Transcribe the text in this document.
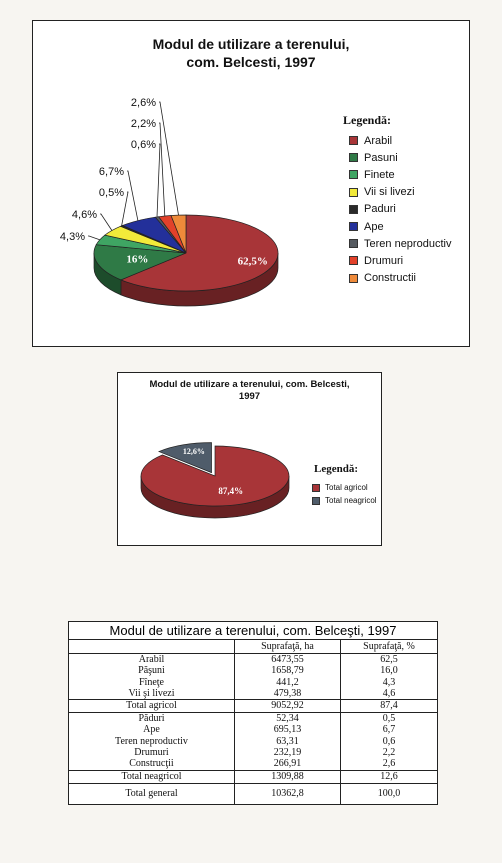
Modul de utilizare a terenului,
com. Belcesti, 1997
62,5%
16%
2,6%
2,2%
0,6%
6,7%
0,5%
4,6%
4,3%
Legendă:
Arabil
Pasuni
Finete
Vii si livezi
Paduri
Ape
Teren neproductiv
Drumuri
Constructii
Modul de utilizare a terenului, com. Belcesti,
1997
87,4%
12,6%
Legendă:
Total agricol
Total neagricol
Modul de utilizare a terenului, com. Belceşti, 1997
	Suprafaţă, ha	Suprafaţă, %
Arabil	6473,55	62,5
Păşuni	1658,79	16,0
Fîneţe	441,2	4,3
Vii şi livezi	479,38	4,6
Total agricol	9052,92	87,4
Păduri	52,34	0,5
Ape	695,13	6,7
Teren neproductiv	63,31	0,6
Drumuri	232,19	2,2
Construcţii	266,91	2,6
Total neagricol	1309,88	12,6
Total general	10362,8	100,0
